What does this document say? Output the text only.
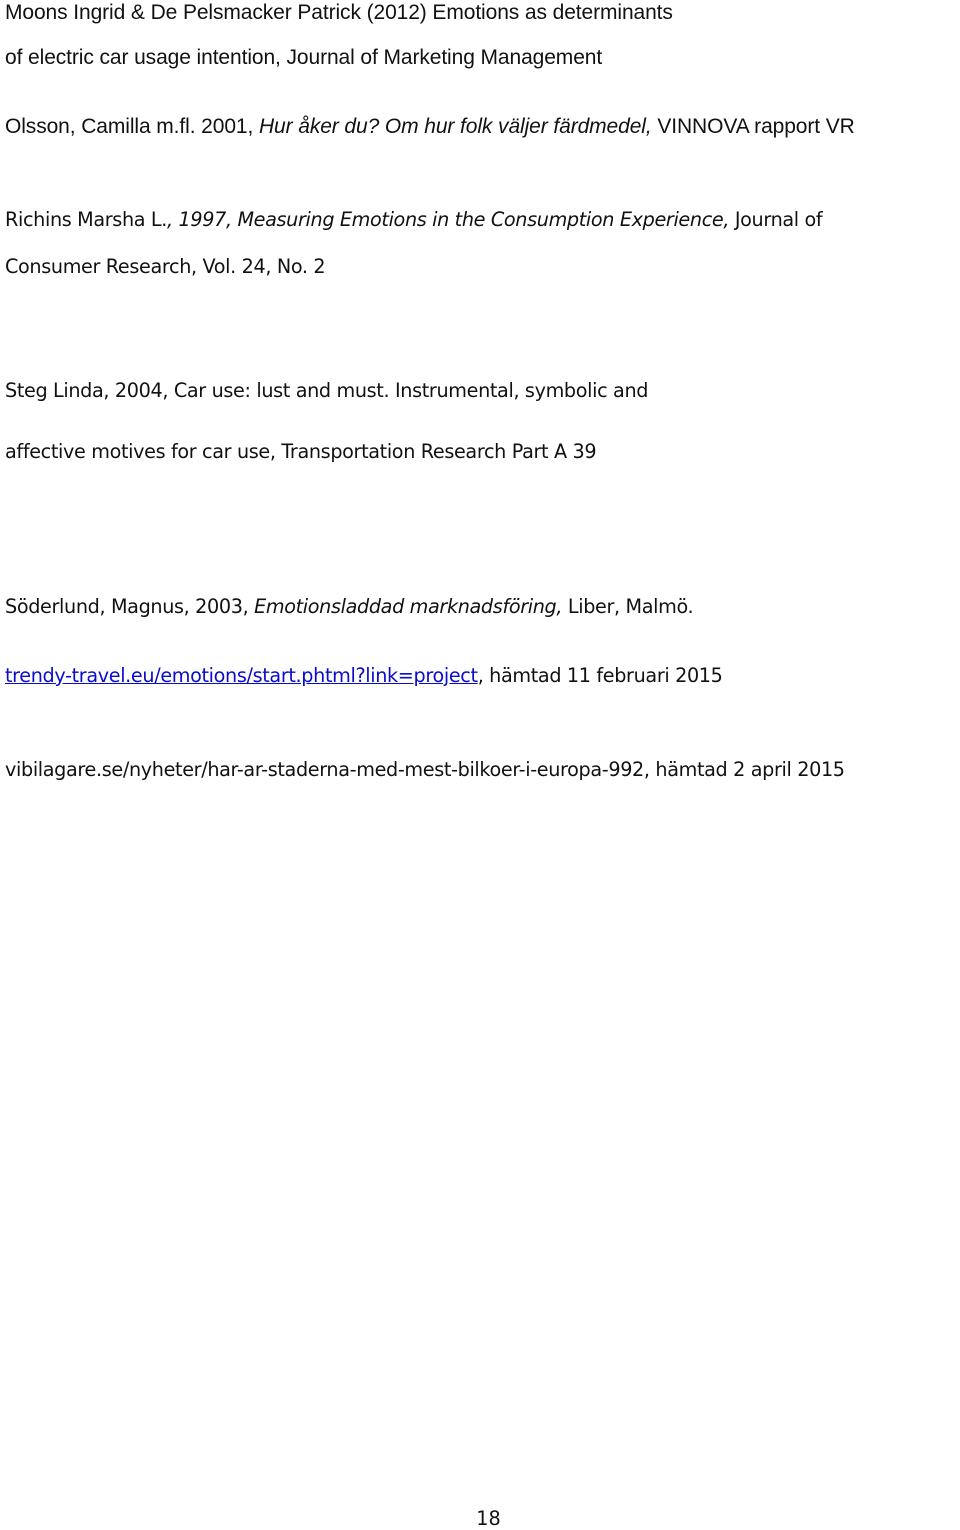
Moons Ingrid & De Pelsmacker Patrick (2012) Emotions as determinants
of electric car usage intention, Journal of Marketing Management
Olsson, Camilla m.fl. 2001, Hur åker du? Om hur folk väljer färdmedel, VINNOVA rapport VR
Richins Marsha L., 1997, Measuring Emotions in the Consumption Experience, Journal of
Consumer Research, Vol. 24, No. 2
Steg Linda, 2004, Car use: lust and must. Instrumental, symbolic and
affective motives for car use, Transportation Research Part A 39
Söderlund, Magnus, 2003, Emotionsladdad marknadsföring, Liber, Malmö.
trendy-travel.eu/emotions/start.phtml?link=project, hämtad 11 februari 2015
vibilagare.se/nyheter/har-ar-staderna-med-mest-bilkoer-i-europa-992, hämtad 2 april 2015
18
